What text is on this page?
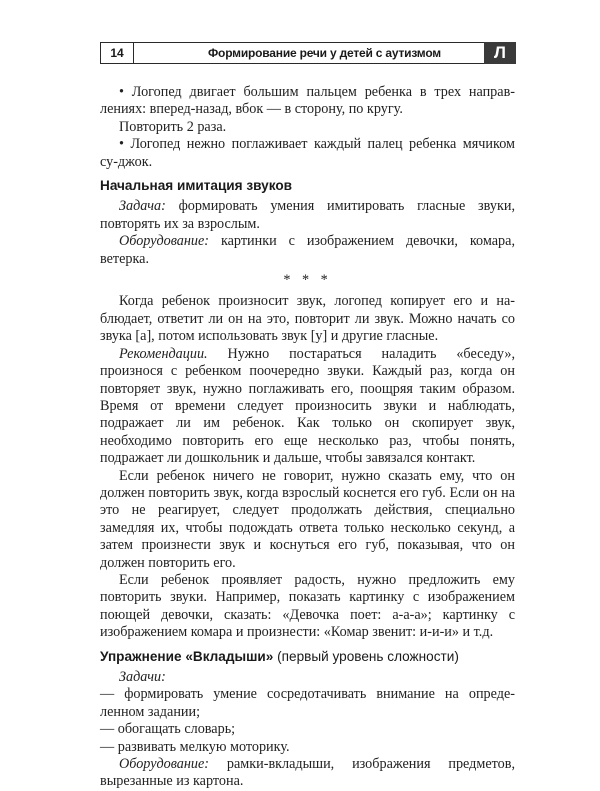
14	Формирование речи у детей с аутизмом	Л

• Логопед двигает большим пальцем ребенка в трех направлениях: вперед-назад, вбок — в сторону, по кругу.

Повторить 2 раза.

• Логопед нежно поглаживает каждый палец ребенка мячиком су-джок.

Начальная имитация звуков

Задача: формировать умения имитировать гласные звуки, повторять их за взрослым.

Оборудование: картинки с изображением девочки, комара, ветерка.

* * *

Когда ребенок произносит звук, логопед копирует его и наблюдает, ответит ли он на это, повторит ли звук. Можно начать со звука [а], потом использовать звук [у] и другие гласные.

Рекомендации. Нужно постараться наладить «беседу», произнося с ребенком поочередно звуки. Каждый раз, когда он повторяет звук, нужно поглаживать его, поощряя таким образом. Время от времени следует произносить звуки и наблюдать, подражает ли им ребенок. Как только он скопирует звук, необходимо повторить его еще несколько раз, чтобы понять, подражает ли дошкольник и дальше, чтобы завязался контакт.

Если ребенок ничего не говорит, нужно сказать ему, что он должен повторить звук, когда взрослый коснется его губ. Если он на это не реагирует, следует продолжать действия, специально замедляя их, чтобы подождать ответа только несколько секунд, а затем произнести звук и коснуться его губ, показывая, что он должен повторить его.

Если ребенок проявляет радость, нужно предложить ему повторить звуки. Например, показать картинку с изображением поющей девочки, сказать: «Девочка поет: а-а-а»; картинку с изображением комара и произнести: «Комар звенит: и-и-и» и т.д.

Упражнение «Вкладыши» (первый уровень сложности)

Задачи:

— формировать умение сосредотачивать внимание на определенном задании;

— обогащать словарь;

— развивать мелкую моторику.

Оборудование: рамки-вкладыши, изображения предметов, вырезанные из картона.
